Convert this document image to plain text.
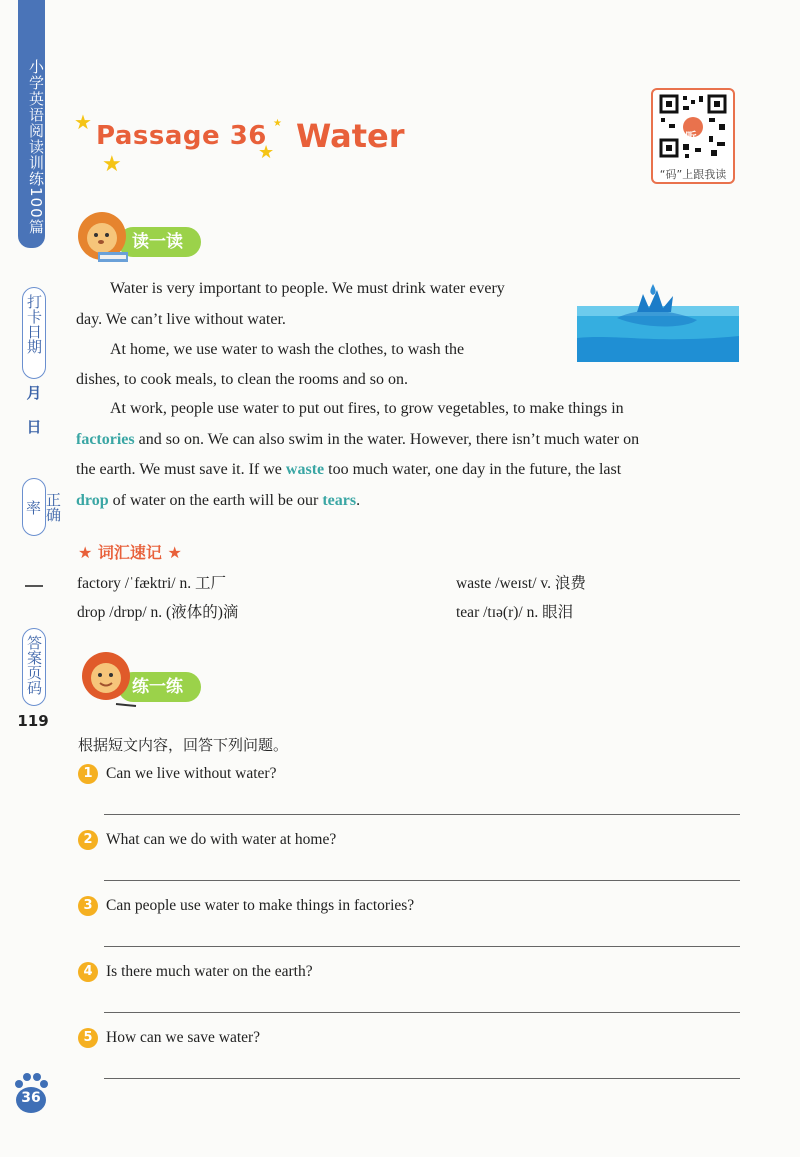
小学英语阅读训练100篇
打卡日期
月
日
正确率
答案页码
119
36
★
★	★
★
Passage 36 Water	听
“码”上跟我读
读一读
Water is very important to people. We must drink water every
day. We can’t live without water.
At home, we use water to wash the clothes, to wash the
dishes, to cook meals, to clean the rooms and so on.
At work, people use water to put out fires, to grow vegetables, to make things in
factories and so on. We can also swim in the water. However, there isn’t much water on
the earth. We must save it. If we waste too much water, one day in the future, the last
drop of water on the earth will be our tears.
★ 词汇速记 ★
factory /ˈfæktri/ n. 工厂	waste /weɪst/ v. 浪费
drop /drɒp/ n. (液体的)滴	tear /tɪə(r)/ n. 眼泪
练一练
根据短文内容，回答下列问题。
1 Can we live without water?
2 What can we do with water at home?
3 Can people use water to make things in factories?
4 Is there much water on the earth?
5 How can we save water?
